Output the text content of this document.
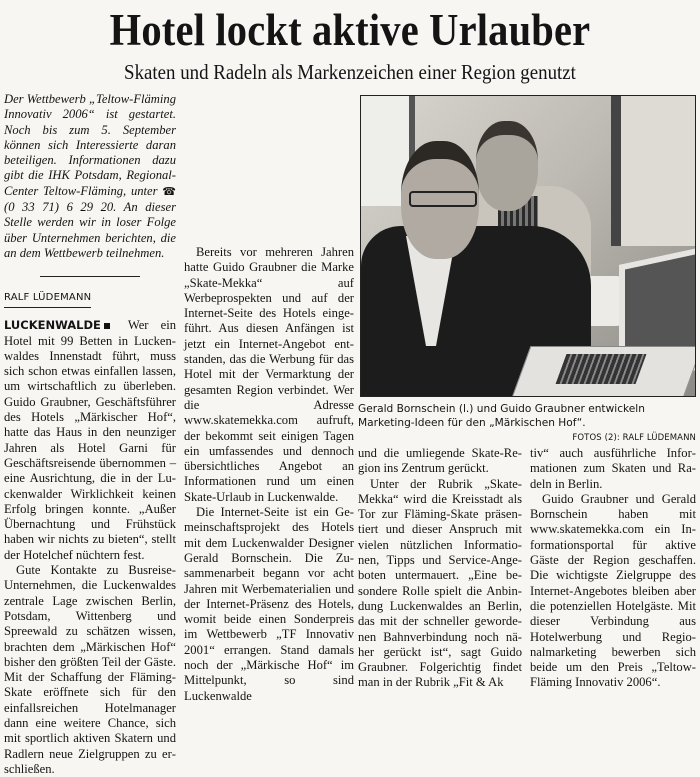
Hotel lockt aktive Urlauber
Skaten und Radeln als Markenzeichen einer Region genutzt

Der Wettbewerb „Teltow-Fläming Innovativ 2006“ ist gestartet. Noch bis zum 5. September können sich Interessierte daran beteiligen. Informationen dazu gibt die IHK Potsdam, Regional-Center Teltow-Fläming, unter ☎ (0 33 71) 6 29 20. An dieser Stelle werden wir in loser Folge über Unternehmen berichten, die an dem Wettbewerb teilnehmen.

RALF LÜDEMANN

LUCKENWALDE Wer ein Hotel mit 99 Betten in Luckenwaldes Innenstadt führt, muss sich schon etwas einfallen lassen, um wirtschaftlich zu überleben. Guido Graubner, Geschäftsführer des Hotels „Märkischer Hof“, hatte das Haus in den neunziger Jahren als Hotel Garni für Geschäftsreisende übernommen – eine Ausrichtung, die in der Luckenwalder Wirklichkeit keinen Erfolg bringen konnte. „Außer Übernachtung und Frühstück haben wir nichts zu bieten“, stellt der Hotelchef nüchtern fest.

Gute Kontakte zu Busreise-Unternehmen, die Luckenwaldes zentrale Lage zwischen Berlin, Potsdam, Wittenberg und Spreewald zu schätzen wissen, brachten dem „Märkischen Hof“ bisher den größten Teil der Gäste. Mit der Schaffung der Fläming-Skate eröffnete sich für den einfallsreichen Hotelmanager dann eine weitere Chance, sich mit sportlich aktiven Skatern und Radlern neue Zielgruppen zu erschließen.

Bereits vor mehreren Jahren hatte Guido Graubner die Marke „Skate-Mekka“ auf Werbeprospekten und auf der Internet-Seite des Hotels eingeführt. Aus diesen Anfängen ist jetzt ein Internet-Angebot entstanden, das die Werbung für das Hotel mit der Vermarktung der gesamten Region verbindet. Wer die Adresse www.skatemekka.com aufruft, der bekommt seit einigen Tagen ein umfassendes und dennoch übersichtliches Angebot an Informationen rund um einen Skate-Urlaub in Luckenwalde.

Die Internet-Seite ist ein Gemeinschaftsprojekt des Hotels mit dem Luckenwalder Designer Gerald Bornschein. Die Zusammenarbeit begann vor acht Jahren mit Werbematerialien und der Internet-Präsenz des Hotels, womit beide einen Sonderpreis im Wettbewerb „TF Innovativ 2001“ errangen. Stand damals noch der „Märkische Hof“ im Mittelpunkt, so sind Luckenwalde

Gerald Bornschein (l.) und Guido Graubner entwickeln Marketing-Ideen für den „Märkischen Hof“.
FOTOS (2): RALF LÜDEMANN

und die umliegende Skate-Region ins Zentrum gerückt.

Unter der Rubrik „Skate-Mekka“ wird die Kreisstadt als Tor zur Fläming-Skate präsentiert und dieser Anspruch mit vielen nützlichen Informationen, Tipps und Service-Angeboten untermauert. „Eine besondere Rolle spielt die Anbindung Luckenwaldes an Berlin, das mit der schneller gewordenen Bahnverbindung noch näher gerückt ist“, sagt Guido Graubner. Folgerichtig findet man in der Rubrik „Fit & Ak

tiv“ auch ausführliche Informationen zum Skaten und Radeln in Berlin.

Guido Graubner und Gerald Bornschein haben mit www.skatemekka.com ein Informationsportal für aktive Gäste der Region geschaffen. Die wichtigste Zielgruppe des Internet-Angebotes bleiben aber die potenziellen Hotelgäste. Mit dieser Verbindung aus Hotelwerbung und Regionalmarketing bewerben sich beide um den Preis „Teltow-Fläming Innovativ 2006“.
